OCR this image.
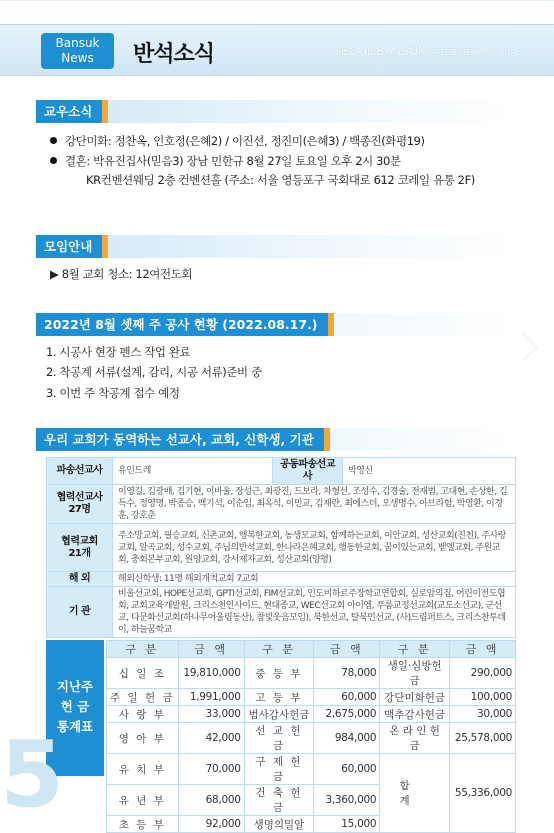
Bansuk
News	반석소식	SEOUL BANSUK PRESBYTERIAN CHURCH
교우소식
강단미화: 정찬옥, 인호정(은혜2) / 이진선, 정진미(은혜3) / 백종진(화평19)
결혼: 박유진집사(믿음3) 장남 민한규 8월 27일 토요일 오후 2시 30분
KR컨벤션웨딩 2층 컨벤션홀 (주소: 서울 영등포구 국회대로 612 코레일 유통 2F)
모임안내
▶ 8월 교회 청소: 12여전도회
2022년 8월 셋째 주 공사 현황 (2022.08.17.)
1. 시공사 현장 펜스 작업 완료
2. 착공계 서류(설계, 감리, 시공 서류)준비 중
3. 이번 주 착공계 접수 예정
우리 교회가 동역하는 선교사, 교회, 신학생, 기관
파송선교사	유인드레	공동파송선교사	박영신
협력선교사
27명	이영길, 김광배, 김기현, 이바울, 장성근, 최광진, 드보라, 차형선, 조성수, 김경술, 전재범, 고대현, 손상한, 김득수, 정영명, 박종승, 백기석, 이순임, 최옥석, 이민교, 김재란, 최에스더, 오생명수, 아브라함, 박영환, 이경훈, 강호춘		
협력교회
21개	주소망교회, 필승교회, 신촌교회, 행복한교회, 농생모교회, 함께하는교회, 이안교회, 성산교회(진천), 주사랑교회, 알곡교회, 성수교회, 주님의반석교회, 한나라은혜교회, 행동한교회, 꿈이있는교회, 벧엘교회, 주원교회, 충회본부교회, 원양교회, 강서제자교회, 성산교회(양평)		
해 외	해외신학생: 11명 해외개척교회 7교회		
기 관	비울선교회, HOPE선교회, GPTI선교회, FIM선교회, 인도비하르주장학교연합회, 실로암의집, 어린이전도협회, 교회교육개발원, 크리스천인사이드, 현대종교, WEC선교회 아이엠, 푸름교정선교회(교도소선교), 군선교, 다문화선교회(하나무어울림동산), 참빛웃음모임), 북한선교, 탈북민선교, (사)드림퍼트스, 크리스찬투데이, 하늘꿈학교		
지난주
헌 금
통계표
구 분	금 액	구 분	금 액	구 분	금 액
십 일 조	19,810,000	중 등 부	78,000	생일·심방헌금	290,000
주 일 헌 금	1,991,000	고 등 부	60,000	강단미화헌금	100,000
사 랑 부	33,000	범사감사헌금	2,675,000	맥추감사헌금	30,000
영 아 부	42,000	선 교 헌 금	984,000	온 라 인 헌 금	25,578,000
유 치 부	70,000	구 제 헌 금	60,000	합 계	55,336,000
유 년 부	68,000	건 축 헌 금	3,360,000		
초 등 부	92,000	생명의밀알	15,000		
5
